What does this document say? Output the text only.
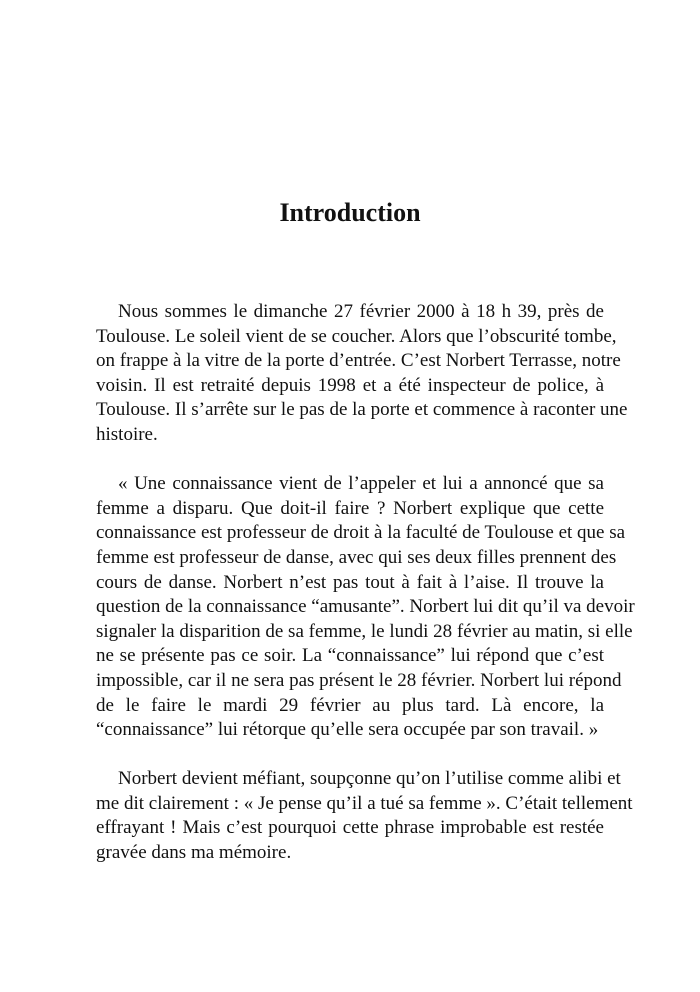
Introduction
Nous sommes le dimanche 27 février 2000 à 18 h 39, près de
Toulouse. Le soleil vient de se coucher. Alors que l’obscurité tombe,
on frappe à la vitre de la porte d’entrée. C’est Norbert Terrasse, notre
voisin. Il est retraité depuis 1998 et a été inspecteur de police, à
Toulouse. Il s’arrête sur le pas de la porte et commence à raconter une
histoire.
« Une connaissance vient de l’appeler et lui a annoncé que sa
femme a disparu. Que doit-il faire ? Norbert explique que cette
connaissance est professeur de droit à la faculté de Toulouse et que sa
femme est professeur de danse, avec qui ses deux filles prennent des
cours de danse. Norbert n’est pas tout à fait à l’aise. Il trouve la
question de la connaissance “amusante”. Norbert lui dit qu’il va devoir
signaler la disparition de sa femme, le lundi 28 février au matin, si elle
ne se présente pas ce soir. La “connaissance” lui répond que c’est
impossible, car il ne sera pas présent le 28 février. Norbert lui répond
de le faire le mardi 29 février au plus tard. Là encore, la
“connaissance” lui rétorque qu’elle sera occupée par son travail. »
Norbert devient méfiant, soupçonne qu’on l’utilise comme alibi et
me dit clairement : « Je pense qu’il a tué sa femme ». C’était tellement
effrayant ! Mais c’est pourquoi cette phrase improbable est restée
gravée dans ma mémoire.
